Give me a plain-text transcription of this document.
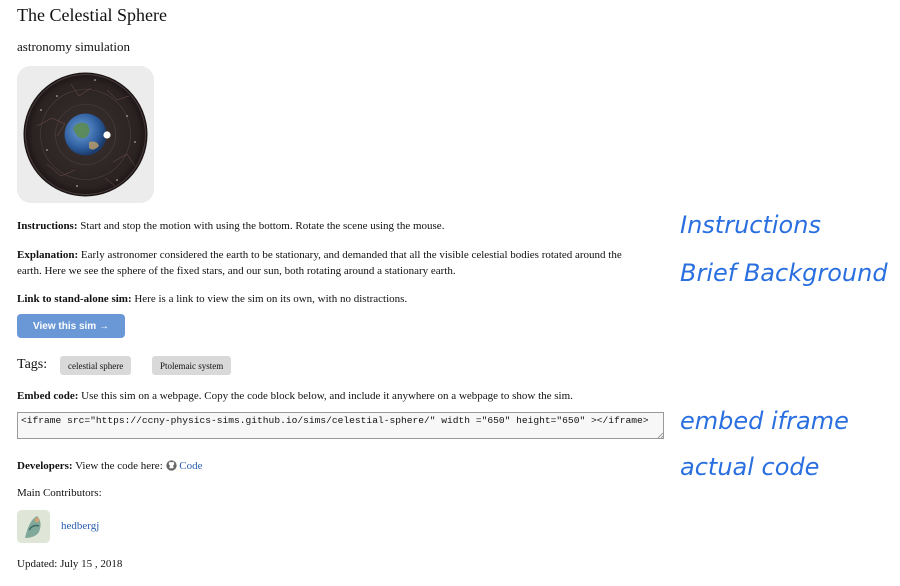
The Celestial Sphere
astronomy simulation
Instructions: Start and stop the motion with using the bottom. Rotate the scene using the mouse.
Explanation: Early astronomer considered the earth to be stationary, and demanded that all the visible celestial bodies rotated around the earth. Here we see the sphere of the fixed stars, and our sun, both rotating around a stationary earth.
Link to stand-alone sim: Here is a link to view the sim on its own, with no distractions.
View this sim →
Tags:	celestial sphere	Ptolemaic system
Embed code: Use this sim on a webpage. Copy the code block below, and include it anywhere on a webpage to show the sim.
<iframe src="https://ccny-physics-sims.github.io/sims/celestial-sphere/" width ="650" height="650" ></iframe>
Developers: View the code here:  Code
Main Contributors:
hedbergj
Updated: July 15 , 2018
Instructions
Brief Background
embed iframe
actual code
